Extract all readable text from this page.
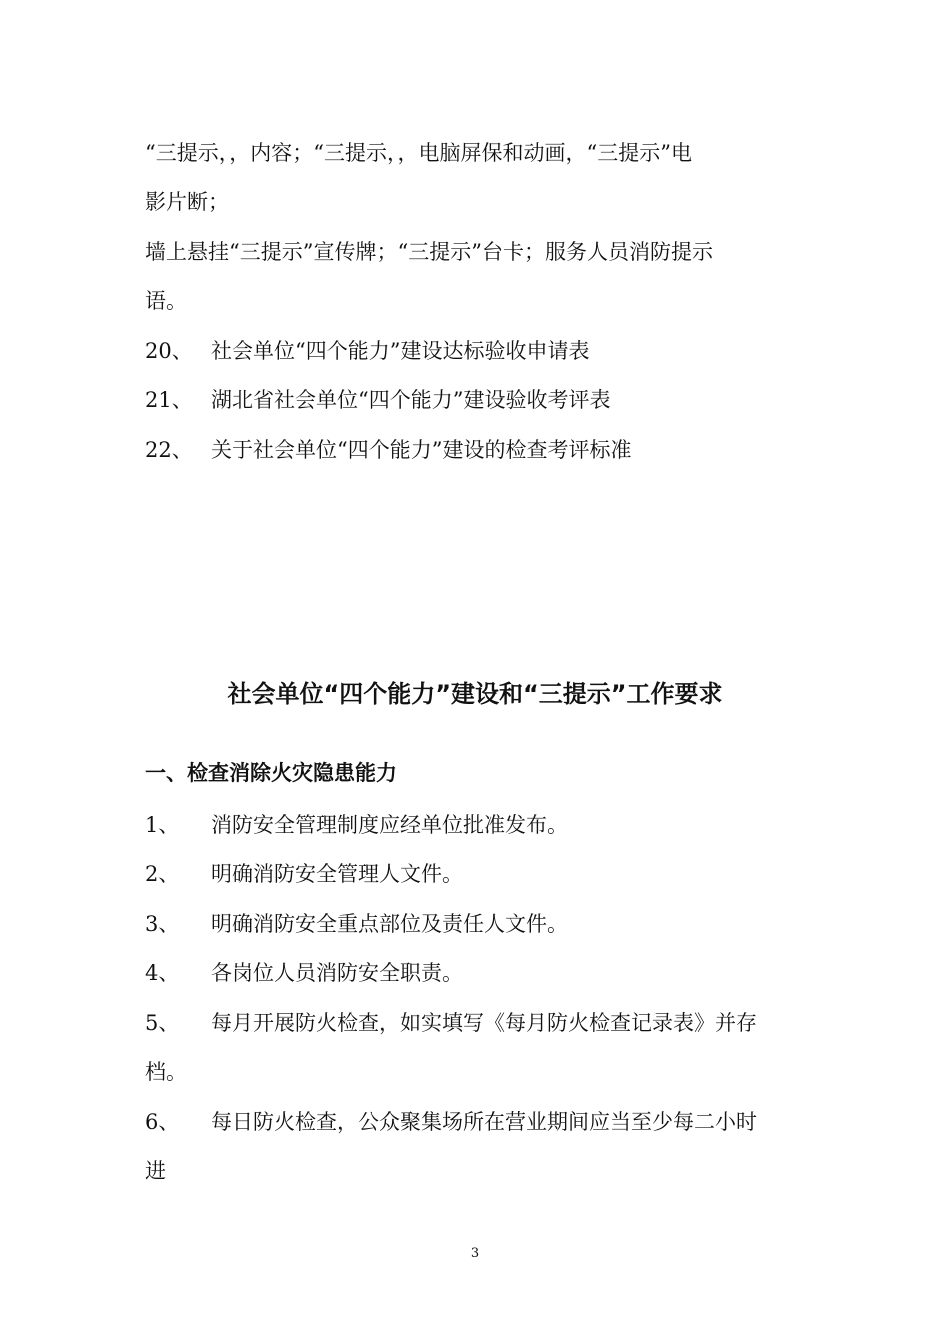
“三提示，，内容；“三提示，，电脑屏保和动画，“三提示”电
影片断；
墙上悬挂“三提示”宣传牌；“三提示”台卡；服务人员消防提示
语。
20、 社会单位“四个能力”建设达标验收申请表
21、 湖北省社会单位“四个能力”建设验收考评表
22、 关于社会单位“四个能力”建设的检查考评标准
社会单位“四个能力”建设和“三提示”工作要求
一、检查消除火灾隐患能力
1、 消防安全管理制度应经单位批准发布。
2、 明确消防安全管理人文件。
3、 明确消防安全重点部位及责任人文件。
4、 各岗位人员消防安全职责。
5、 每月开展防火检查，如实填写《每月防火检查记录表》并存
档。
6、 每日防火检查，公众聚集场所在营业期间应当至少每二小时
进
3
